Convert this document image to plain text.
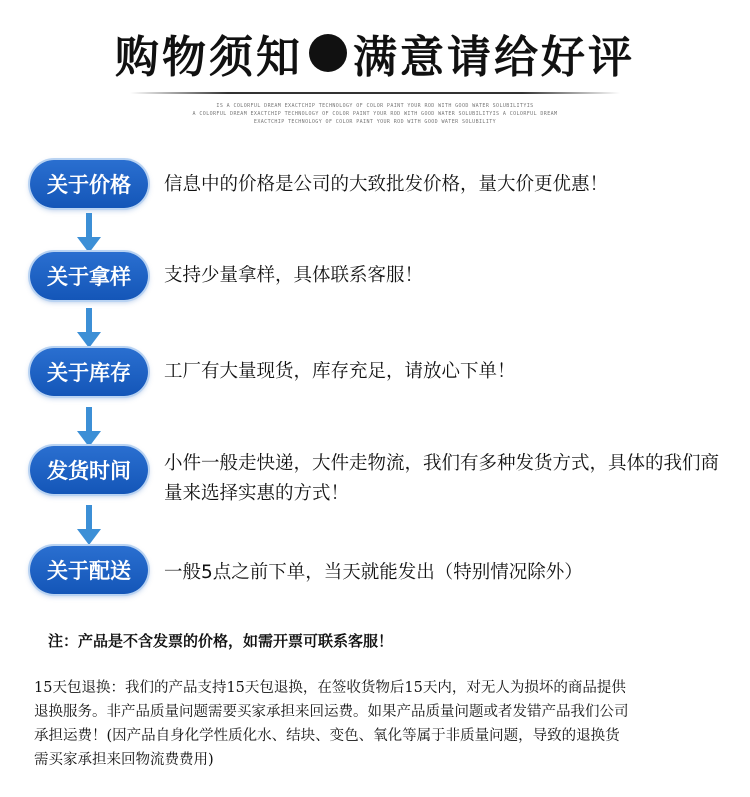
购物须知 满意请给好评
IS A COLORFUL DREAM EXACTCHIP TECHNOLOGY OF COLOR PAINT YOUR ROD WITH GOOD WATER SOLUBILITYIS
A COLORFUL DREAM EXACTCHIP TECHNOLOGY OF COLOR PAINT YOUR ROD WITH GOOD WATER SOLUBILITYIS A COLORFUL DREAM
EXACTCHIP TECHNOLOGY OF COLOR PAINT YOUR ROD WITH GOOD WATER SOLUBILITY
关于价格	信息中的价格是公司的大致批发价格，量大价更优惠！
关于拿样	支持少量拿样，具体联系客服！
关于库存	工厂有大量现货，库存充足，请放心下单！
发货时间	小件一般走快递，大件走物流，我们有多种发货方式，具体的我们商量来选择实惠的方式！
关于配送	一般5点之前下单，当天就能发出（特别情况除外）
注：产品是不含发票的价格，如需开票可联系客服！
15天包退换：我们的产品支持15天包退换，在签收货物后15天内，对无人为损坏的商品提供
退换服务。非产品质量问题需要买家承担来回运费。如果产品质量问题或者发错产品我们公司
承担运费！(因产品自身化学性质化水、结块、变色、氧化等属于非质量问题，导致的退换货
需买家承担来回物流费费用)
